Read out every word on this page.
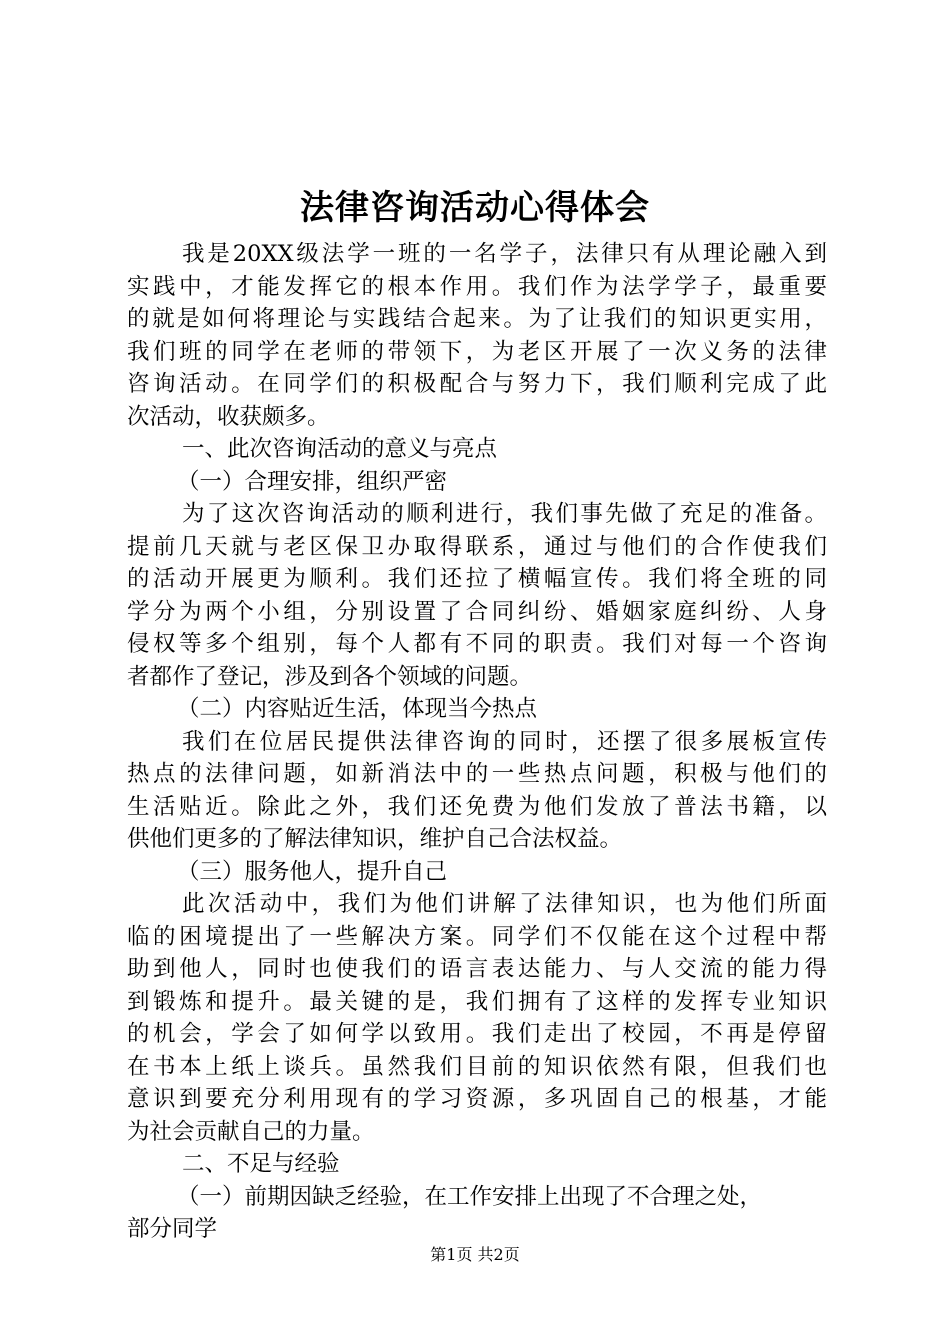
法律咨询活动心得体会
我是20XX级法学一班的一名学子，法律只有从理论融入到
实践中，才能发挥它的根本作用。我们作为法学学子，最重要
的就是如何将理论与实践结合起来。为了让我们的知识更实用，
我们班的同学在老师的带领下，为老区开展了一次义务的法律
咨询活动。在同学们的积极配合与努力下，我们顺利完成了此
次活动，收获颇多。
一、此次咨询活动的意义与亮点
（一）合理安排，组织严密
为了这次咨询活动的顺利进行，我们事先做了充足的准备。
提前几天就与老区保卫办取得联系，通过与他们的合作使我们
的活动开展更为顺利。我们还拉了横幅宣传。我们将全班的同
学分为两个小组，分别设置了合同纠纷、婚姻家庭纠纷、人身
侵权等多个组别，每个人都有不同的职责。我们对每一个咨询
者都作了登记，涉及到各个领域的问题。
（二）内容贴近生活，体现当今热点
我们在位居民提供法律咨询的同时，还摆了很多展板宣传
热点的法律问题，如新消法中的一些热点问题，积极与他们的
生活贴近。除此之外，我们还免费为他们发放了普法书籍，以
供他们更多的了解法律知识，维护自己合法权益。
（三）服务他人，提升自己
此次活动中，我们为他们讲解了法律知识，也为他们所面
临的困境提出了一些解决方案。同学们不仅能在这个过程中帮
助到他人，同时也使我们的语言表达能力、与人交流的能力得
到锻炼和提升。最关键的是，我们拥有了这样的发挥专业知识
的机会，学会了如何学以致用。我们走出了校园，不再是停留
在书本上纸上谈兵。虽然我们目前的知识依然有限，但我们也
意识到要充分利用现有的学习资源，多巩固自己的根基，才能
为社会贡献自己的力量。
二、不足与经验
（一）前期因缺乏经验，在工作安排上出现了不合理之处，
部分同学
第1页 共2页
